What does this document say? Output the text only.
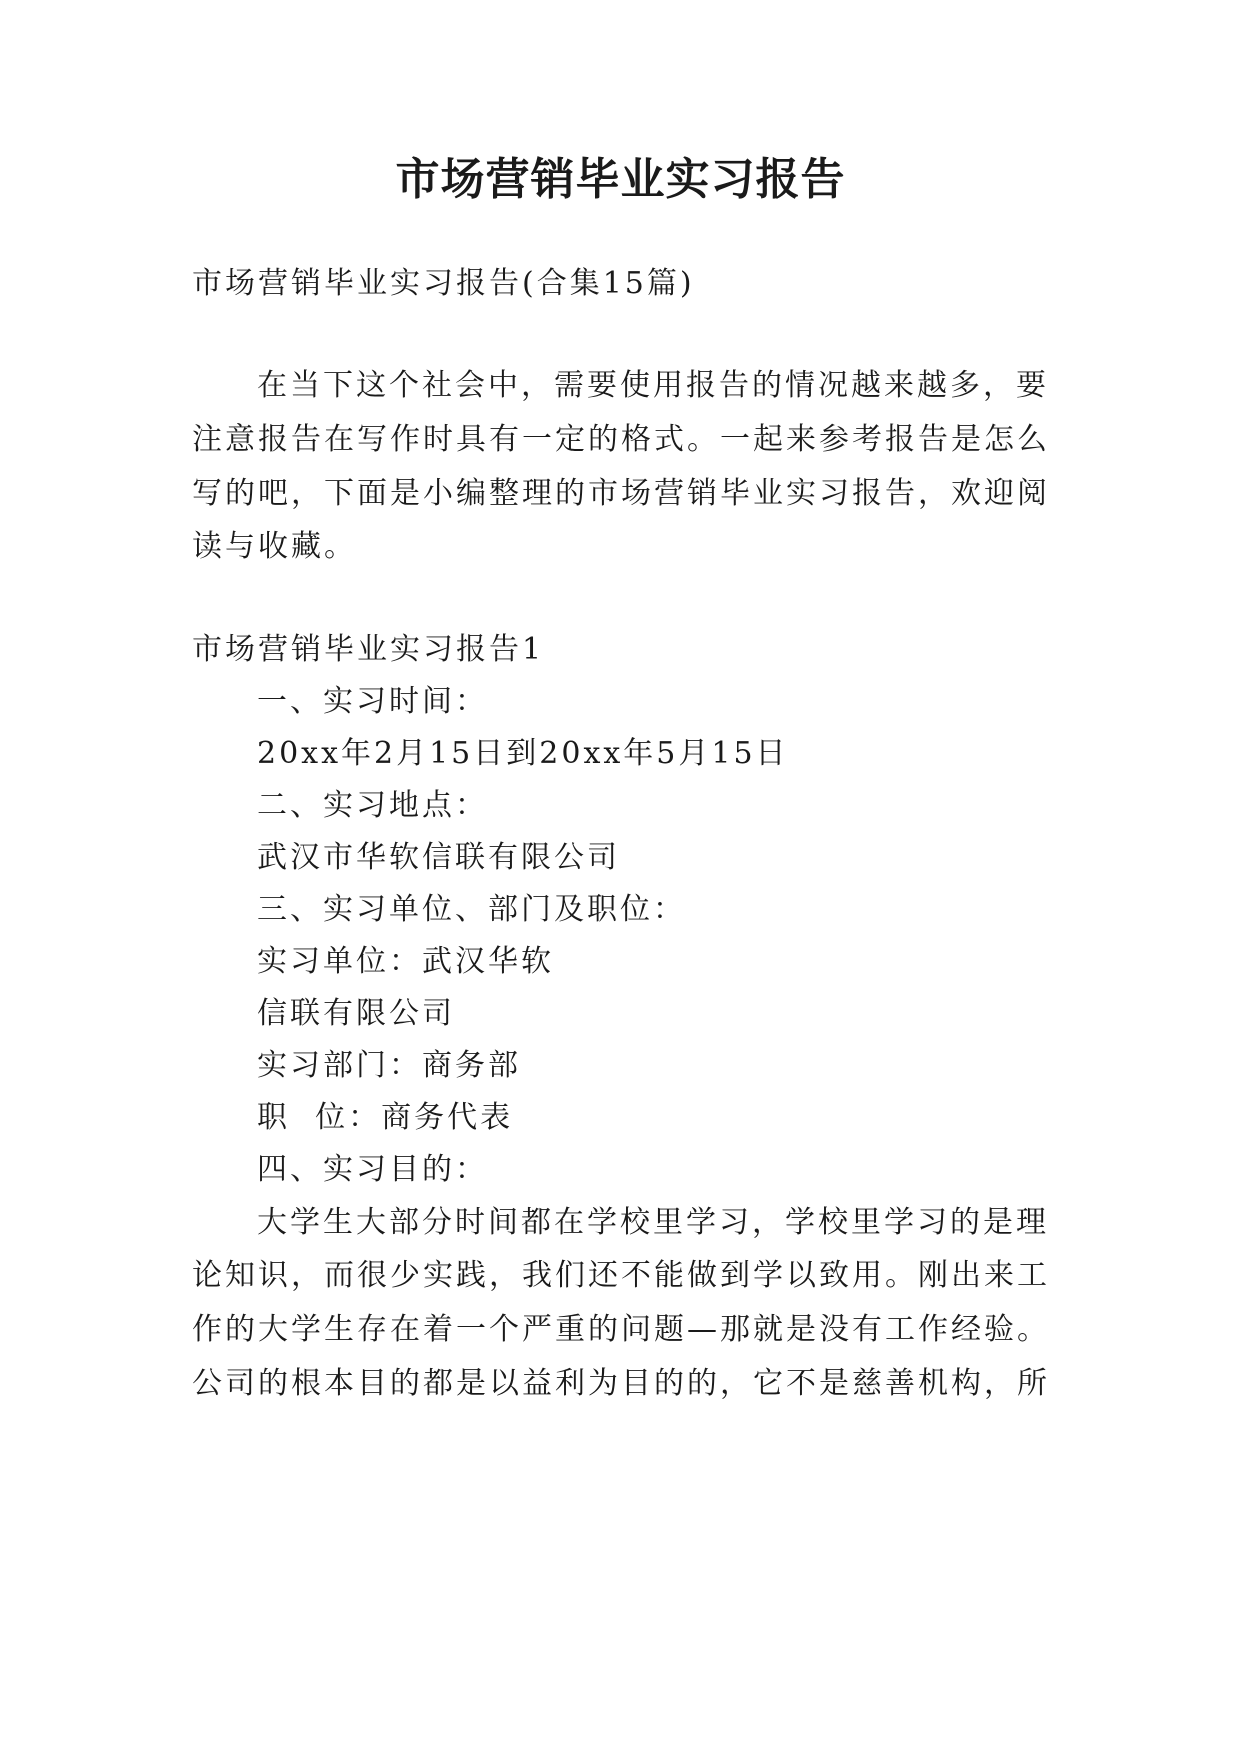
市场营销毕业实习报告
市场营销毕业实习报告(合集15篇)
在当下这个社会中，需要使用报告的情况越来越多，要
注意报告在写作时具有一定的格式。一起来参考报告是怎么
写的吧，下面是小编整理的市场营销毕业实习报告，欢迎阅
读与收藏。
市场营销毕业实习报告1
一、实习时间：
20xx年2月15日到20xx年5月15日
二、实习地点：
武汉市华软信联有限公司
三、实习单位、部门及职位：
实习单位：武汉华软
信联有限公司
实习部门：商务部
职  位：商务代表
四、实习目的：
大学生大部分时间都在学校里学习，学校里学习的是理
论知识，而很少实践，我们还不能做到学以致用。刚出来工
作的大学生存在着一个严重的问题—那就是没有工作经验。
公司的根本目的都是以益利为目的的，它不是慈善机构，所
